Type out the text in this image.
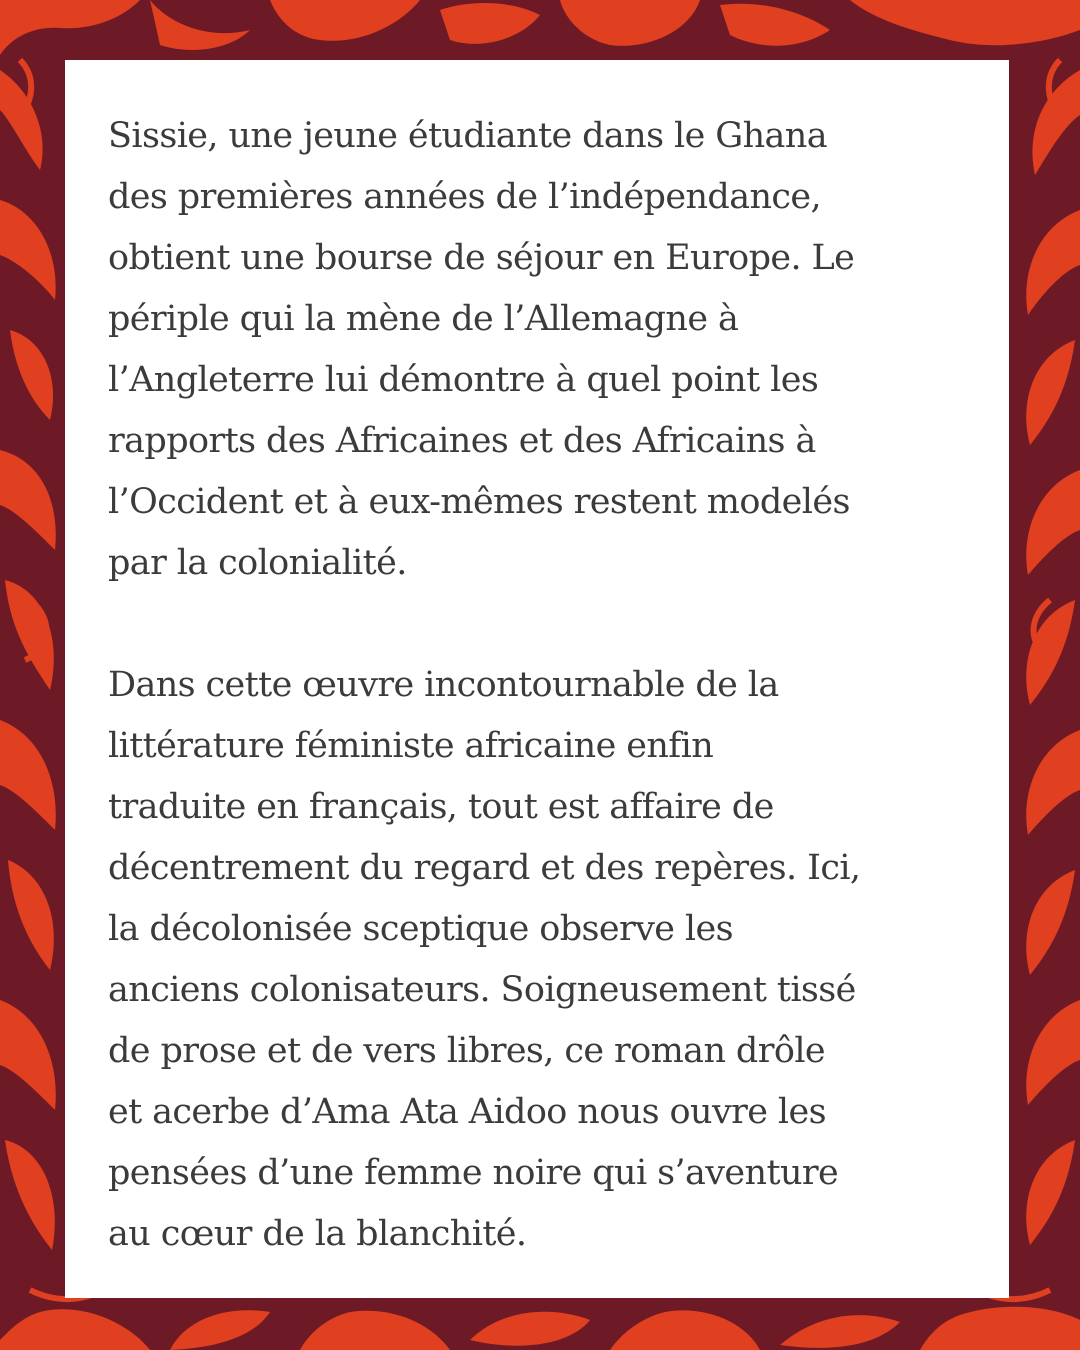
Sissie, une jeune étudiante dans le Ghana
des premières années de l’indépendance,
obtient une bourse de séjour en Europe. Le
périple qui la mène de l’Allemagne à
l’Angleterre lui démontre à quel point les
rapports des Africaines et des Africains à
l’Occident et à eux-mêmes restent modelés
par la colonialité.

Dans cette œuvre incontournable de la
littérature féministe africaine enfin
traduite en français, tout est affaire de
décentrement du regard et des repères. Ici,
la décolonisée sceptique observe les
anciens colonisateurs. Soigneusement tissé
de prose et de vers libres, ce roman drôle
et acerbe d’Ama Ata Aidoo nous ouvre les
pensées d’une femme noire qui s’aventure
au cœur de la blanchité.
